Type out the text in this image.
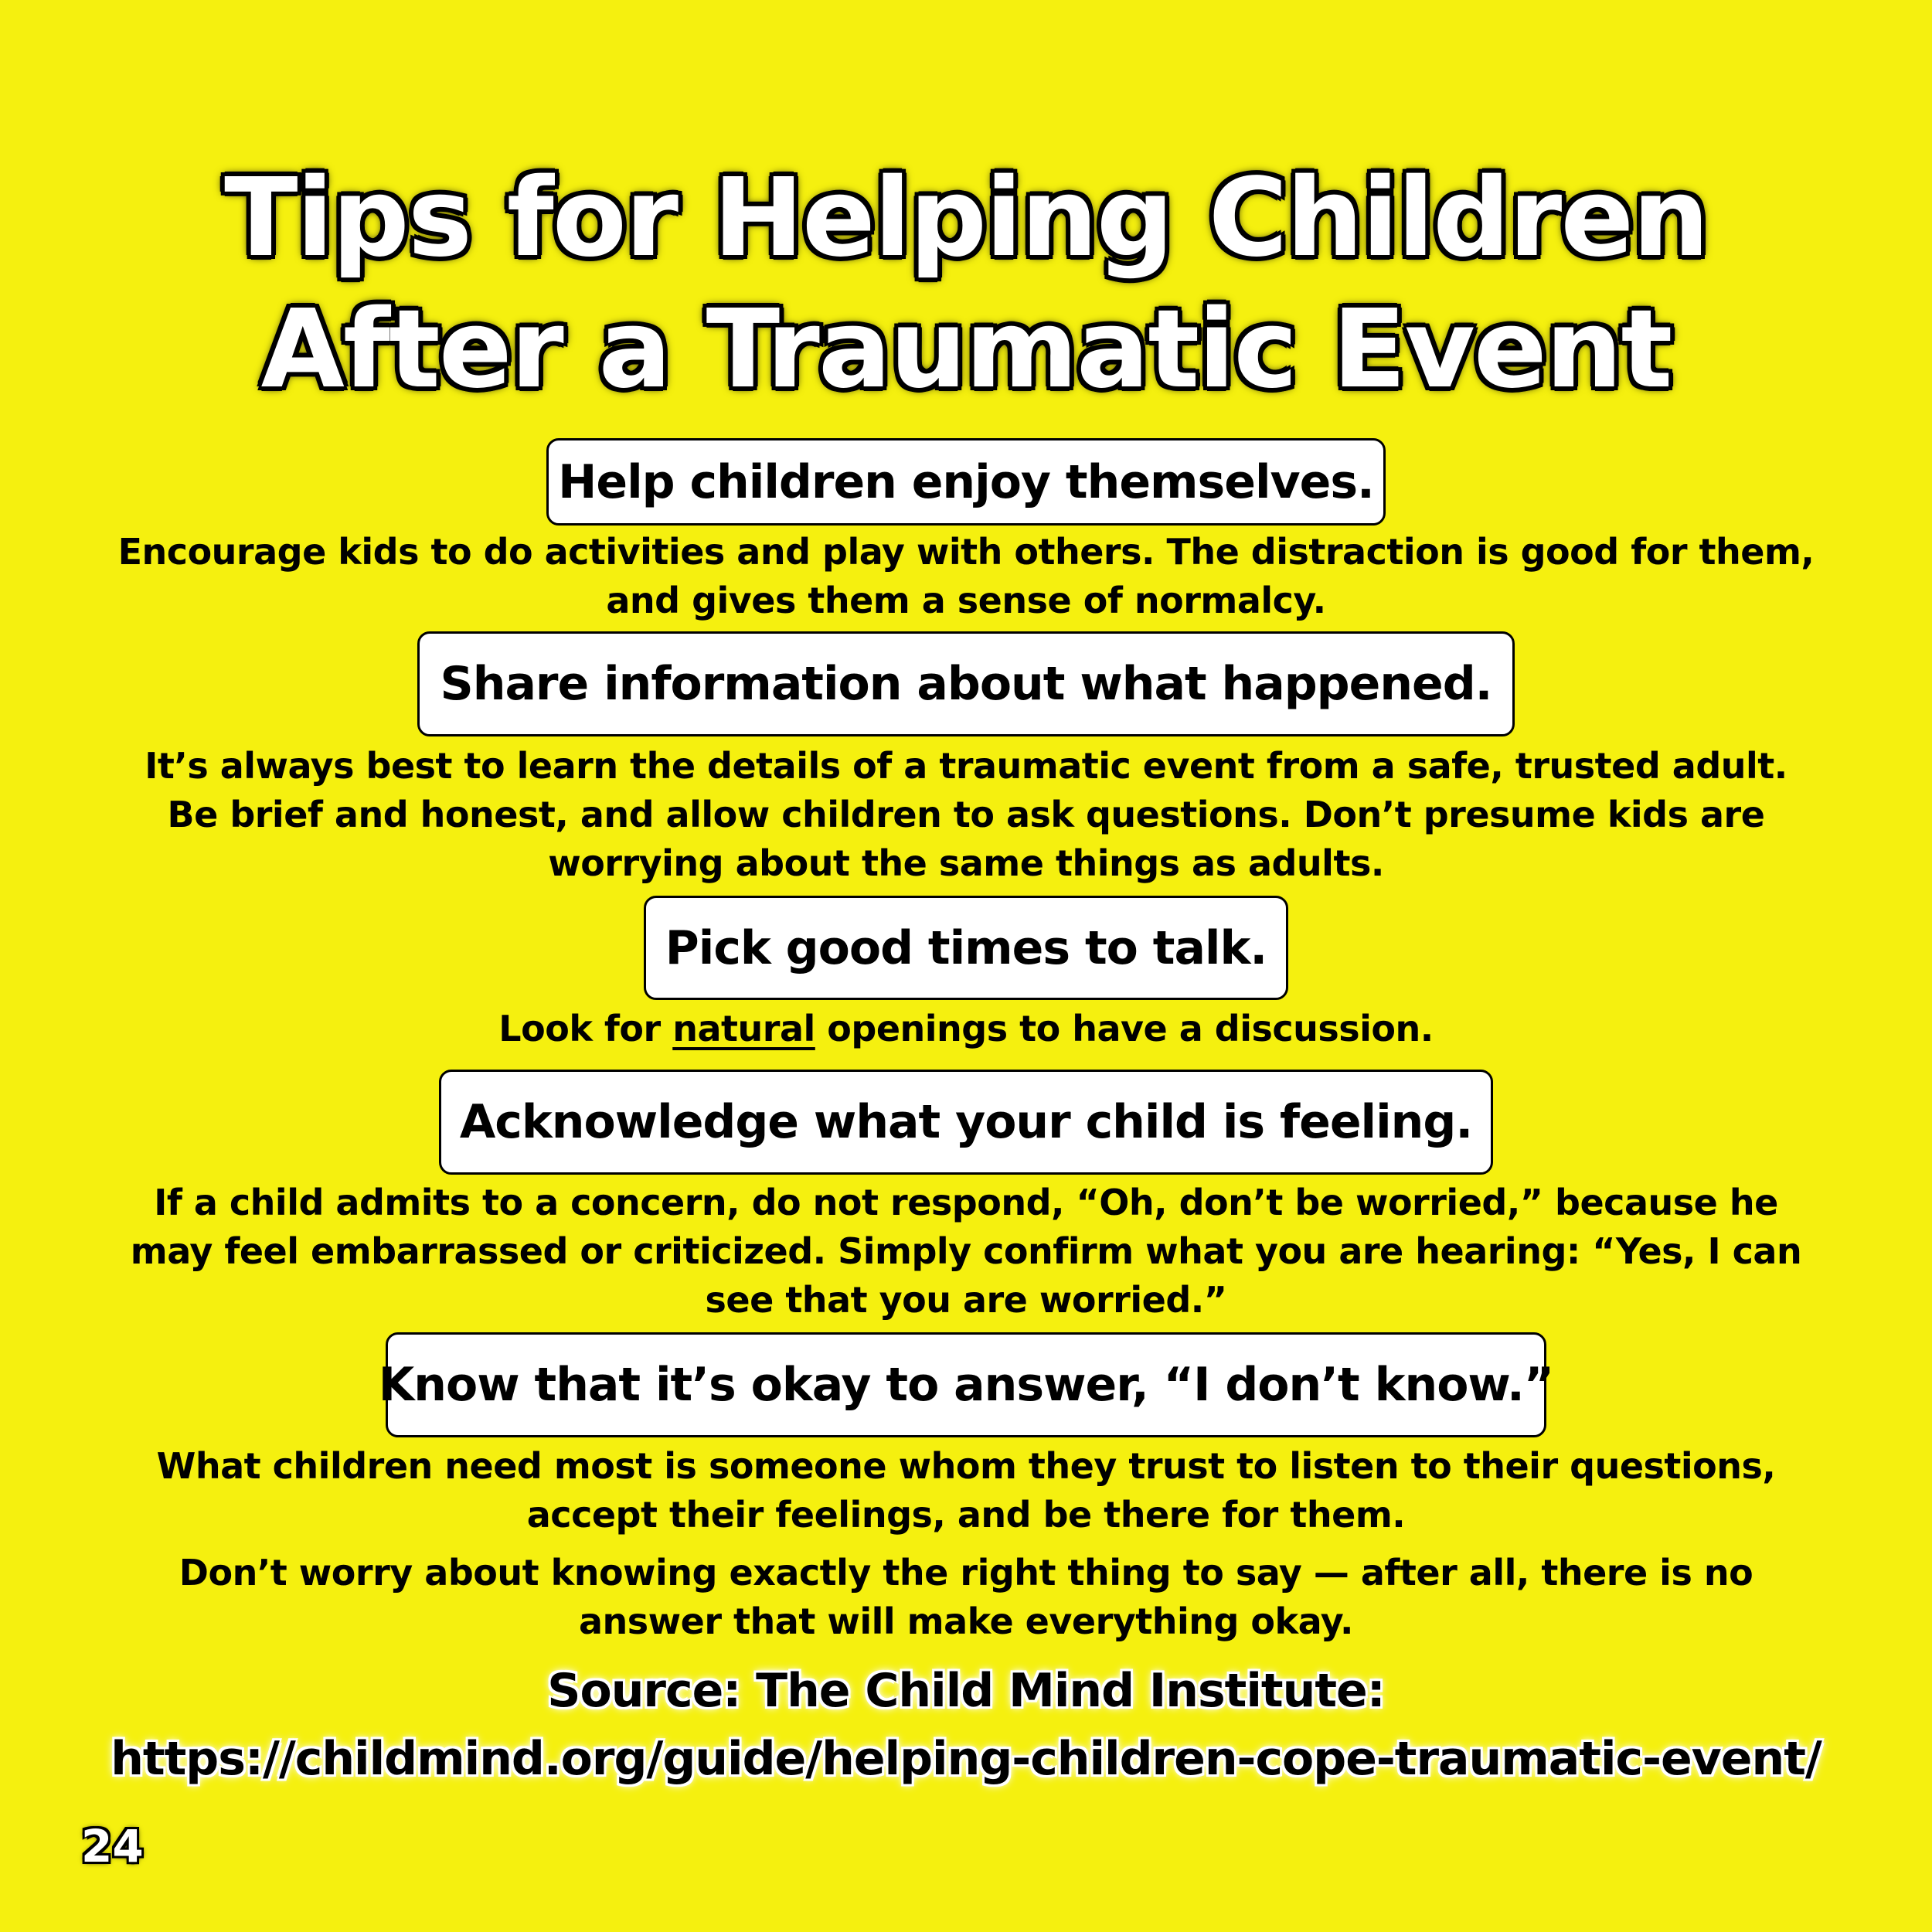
Tips for Helping Children
After a Traumatic Event
Help children enjoy themselves.
Encourage kids to do activities and play with others. The distraction is good for them, and gives them a sense of normalcy.
Share information about what happened.
It’s always best to learn the details of a traumatic event from a safe, trusted adult. Be brief and honest, and allow children to ask questions. Don’t presume kids are worrying about the same things as adults.
Pick good times to talk.
Look for natural openings to have a discussion.
Acknowledge what your child is feeling.
If a child admits to a concern, do not respond, “Oh, don’t be worried,” because he may feel embarrassed or criticized. Simply confirm what you are hearing: “Yes, I can see that you are worried.”
Know that it’s okay to answer, “I don’t know.”
What children need most is someone whom they trust to listen to their questions, accept their feelings, and be there for them.
Don’t worry about knowing exactly the right thing to say — after all, there is no answer that will make everything okay.
Source: The Child Mind Institute:
https://childmind.org/guide/helping-children-cope-traumatic-event/
24
